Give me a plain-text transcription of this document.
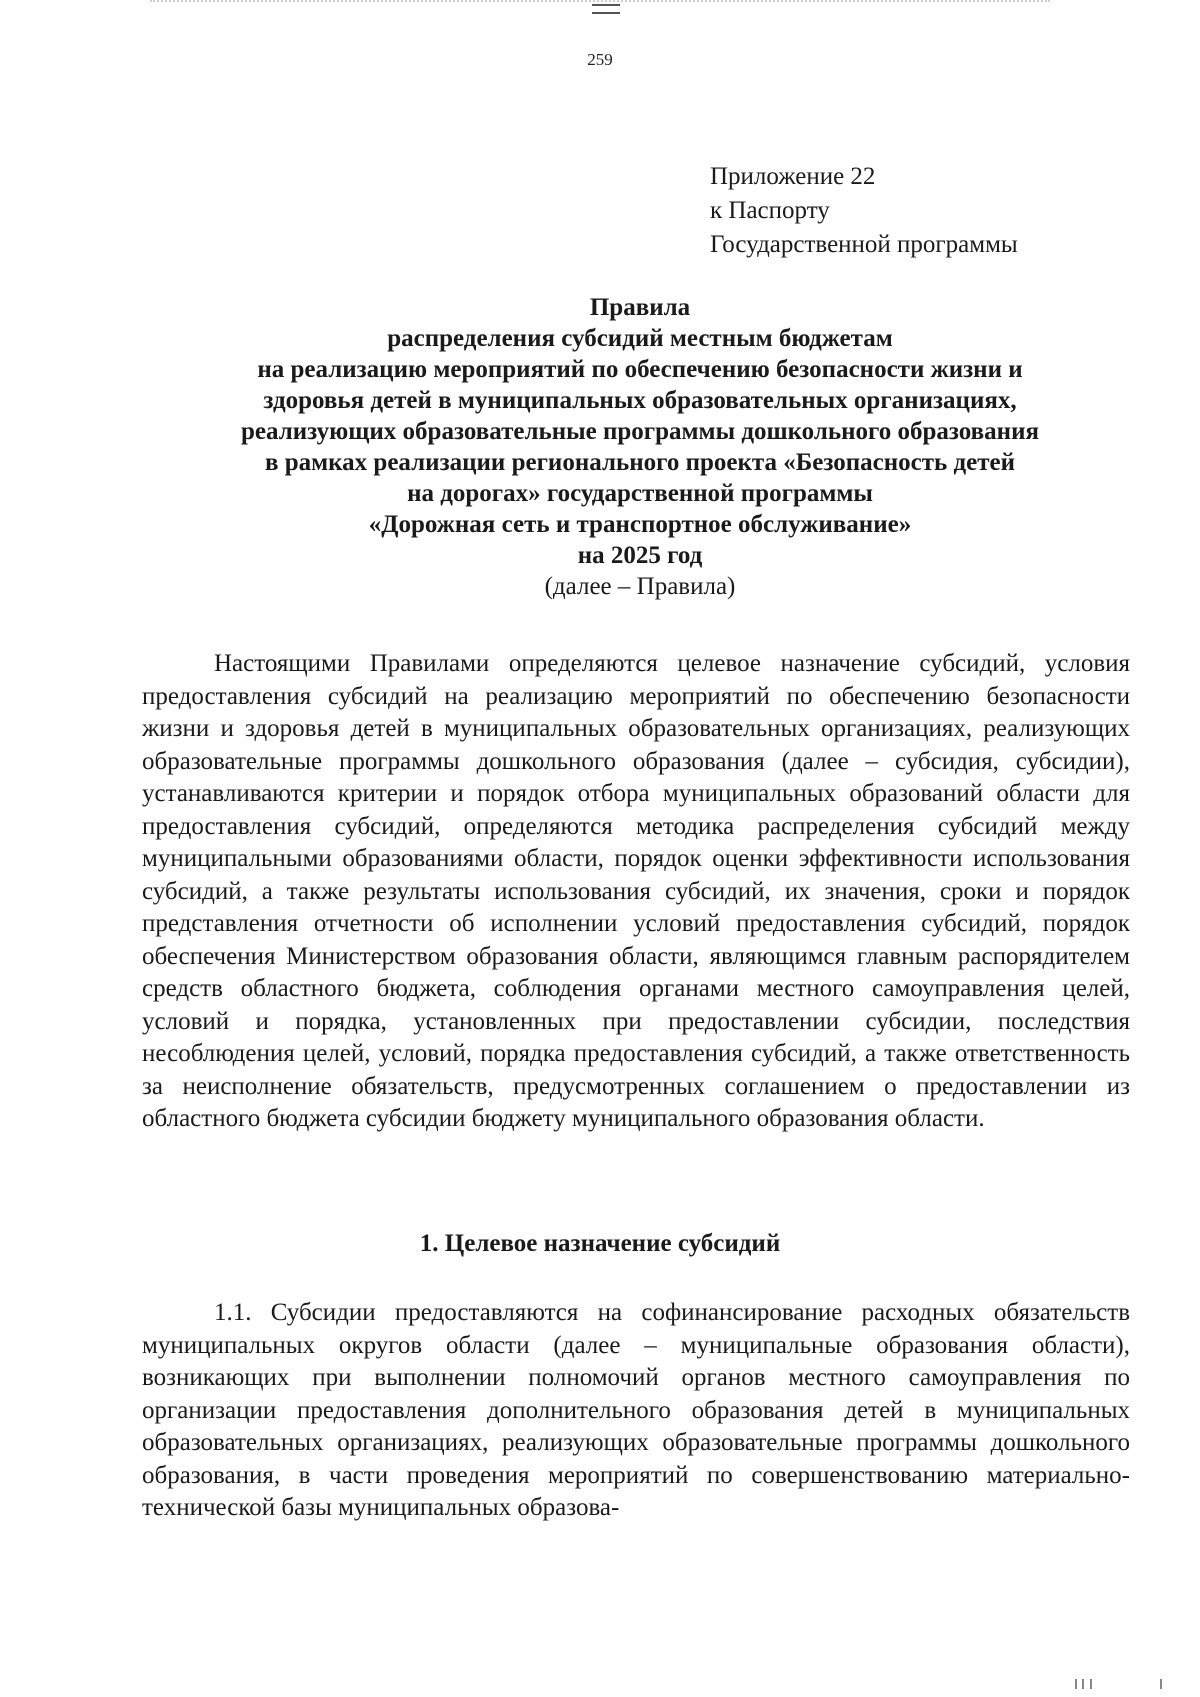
259
Приложение 22
к Паспорту
Государственной программы
Правила
распределения субсидий местным бюджетам
на реализацию мероприятий по обеспечению безопасности жизни и
здоровья детей в муниципальных образовательных организациях,
реализующих образовательные программы дошкольного образования
в рамках реализации регионального проекта «Безопасность детей
на дорогах» государственной программы
«Дорожная сеть и транспортное обслуживание»
на 2025 год
(далее – Правила)

Настоящими Правилами определяются целевое назначение субсидий, условия предоставления субсидий на реализацию мероприятий по обеспечению безопасности жизни и здоровья детей в муниципальных образовательных организациях, реализующих образовательные программы дошкольного образования (далее – субсидия, субсидии), устанавливаются критерии и порядок отбора муниципальных образований области для предоставления субсидий, определяются методика распределения субсидий между муниципальными образованиями области, порядок оценки эффективности использования субсидий, а также результаты использования субсидий, их значения, сроки и порядок представления отчетности об исполнении условий предоставления субсидий, порядок обеспечения Министерством образования области, являющимся главным распорядителем средств областного бюджета, соблюдения органами местного самоуправления целей, условий и порядка, установленных при предоставлении субсидии, последствия несоблюдения целей, условий, порядка предоставления субсидий, а также ответственность за неисполнение обязательств, предусмотренных соглашением о предоставлении из областного бюджета субсидии бюджету муниципального образования области.

1. Целевое назначение субсидий

1.1. Субсидии предоставляются на софинансирование расходных обязательств муниципальных округов области (далее – муниципальные образования области), возникающих при выполнении полномочий органов местного самоуправления по организации предоставления дополнительного образования детей в муниципальных образовательных организациях, реализующих образовательные программы дошкольного образования, в части проведения мероприятий по совершенствованию материально-технической базы муниципальных образова-
